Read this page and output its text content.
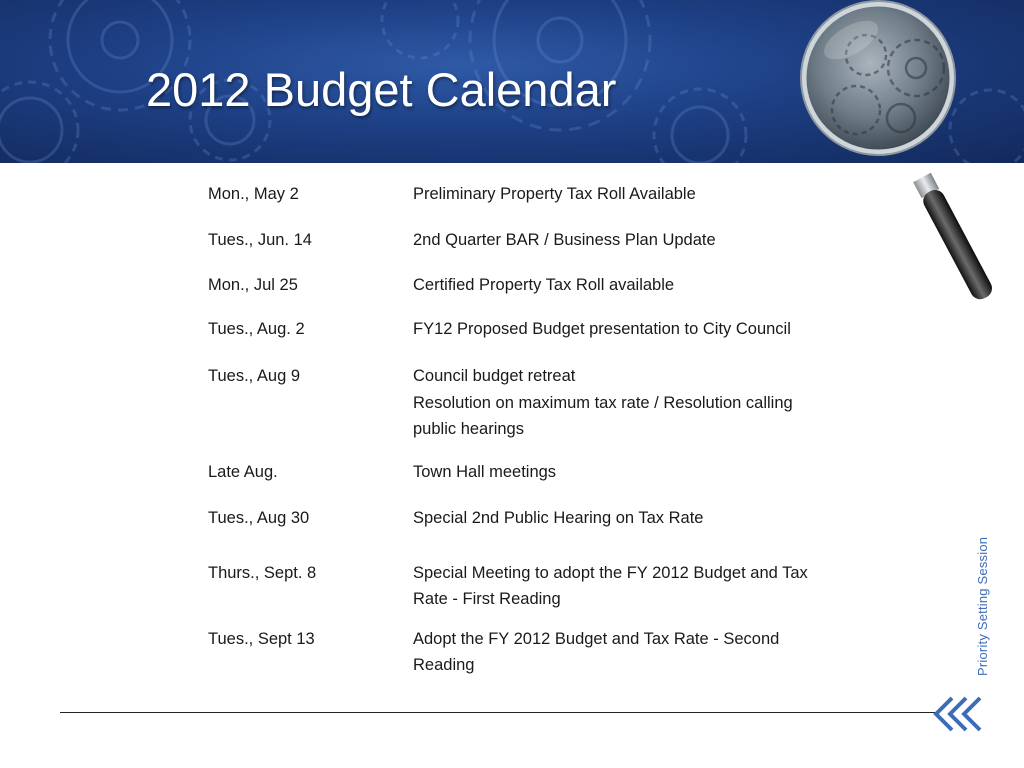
2012 Budget Calendar
Mon., May 2	Preliminary Property Tax Roll Available
Tues., Jun. 14	2nd Quarter BAR / Business Plan Update
Mon., Jul 25	Certified Property Tax Roll available
Tues., Aug. 2	FY12 Proposed Budget presentation to City Council
Tues., Aug 9	Council budget retreat
Resolution on maximum tax rate / Resolution calling
public hearings
Late Aug.	Town Hall meetings
Tues., Aug 30	Special 2nd Public Hearing on Tax Rate
Thurs., Sept. 8	Special Meeting to adopt the FY 2012 Budget and Tax
Rate - First Reading
Tues., Sept 13	Adopt the FY 2012 Budget and Tax Rate - Second
Reading	Priority Setting Session
